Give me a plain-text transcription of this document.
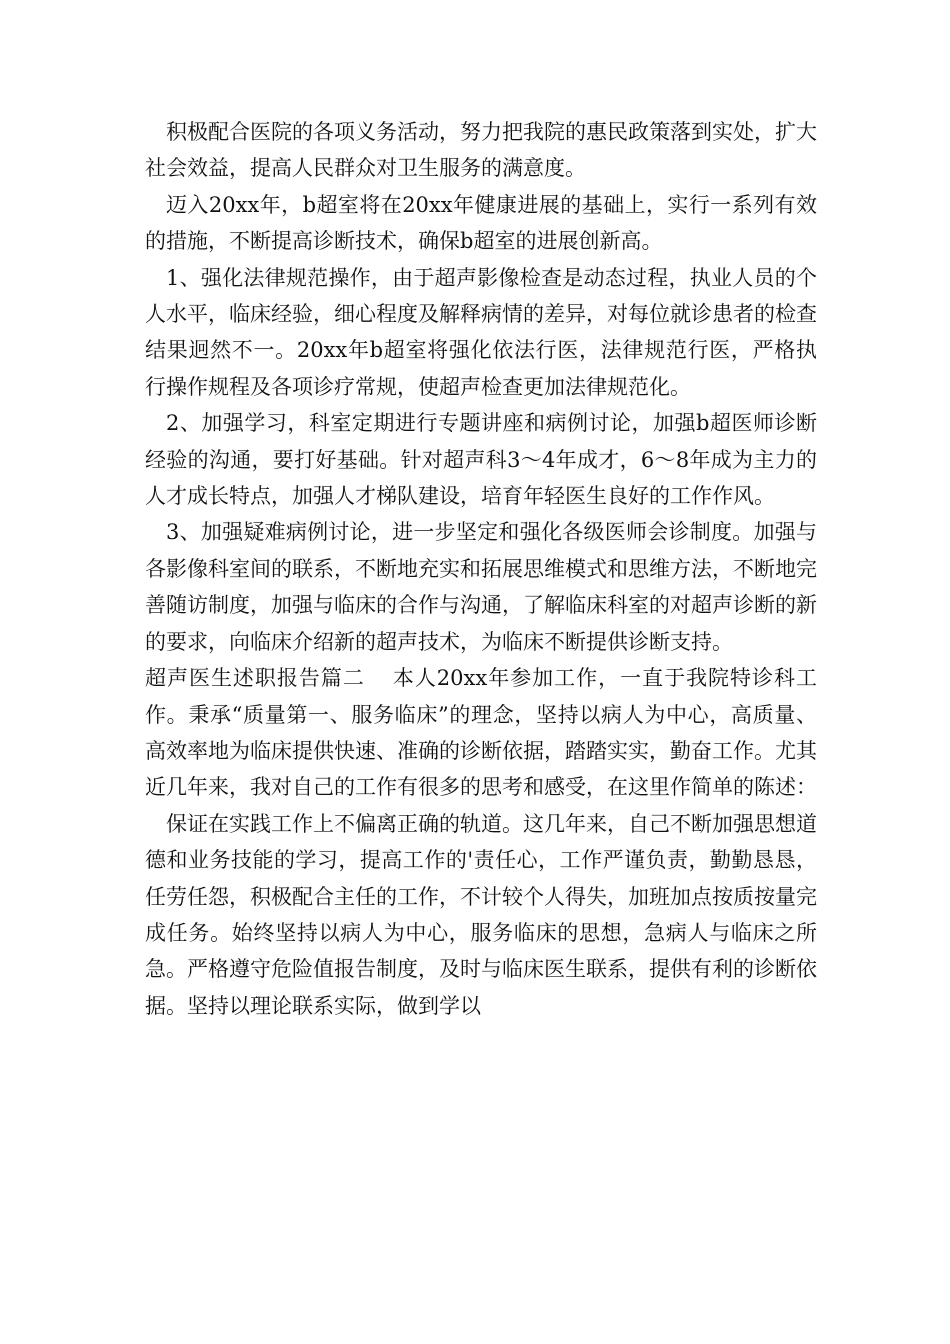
积极配合医院的各项义务活动，努力把我院的惠民政策落到实处，扩大社会效益，提高人民群众对卫生服务的满意度。

迈入20xx年，b超室将在20xx年健康进展的基础上，实行一系列有效的措施，不断提高诊断技术，确保b超室的进展创新高。

1、强化法律规范操作，由于超声影像检查是动态过程，执业人员的个人水平，临床经验，细心程度及解释病情的差异，对每位就诊患者的检查结果迥然不一。20xx年b超室将强化依法行医，法律规范行医，严格执行操作规程及各项诊疗常规，使超声检查更加法律规范化。

2、加强学习，科室定期进行专题讲座和病例讨论，加强b超医师诊断经验的沟通，要打好基础。针对超声科3～4年成才，6～8年成为主力的人才成长特点，加强人才梯队建设，培育年轻医生良好的工作作风。

3、加强疑难病例讨论，进一步坚定和强化各级医师会诊制度。加强与各影像科室间的联系，不断地充实和拓展思维模式和思维方法，不断地完善随访制度，加强与临床的合作与沟通，了解临床科室的对超声诊断的新的要求，向临床介绍新的超声技术，为临床不断提供诊断支持。

超声医生述职报告篇二 本人20xx年参加工作，一直于我院特诊科工作。秉承“质量第一、服务临床”的理念，坚持以病人为中心，高质量、高效率地为临床提供快速、准确的诊断依据，踏踏实实，勤奋工作。尤其近几年来，我对自己的工作有很多的思考和感受，在这里作简单的陈述：

保证在实践工作上不偏离正确的轨道。这几年来，自己不断加强思想道德和业务技能的学习，提高工作的'责任心，工作严谨负责，勤勤恳恳，任劳任怨，积极配合主任的工作，不计较个人得失，加班加点按质按量完成任务。始终坚持以病人为中心，服务临床的思想，急病人与临床之所急。严格遵守危险值报告制度，及时与临床医生联系，提供有利的诊断依据。坚持以理论联系实际，做到学以
